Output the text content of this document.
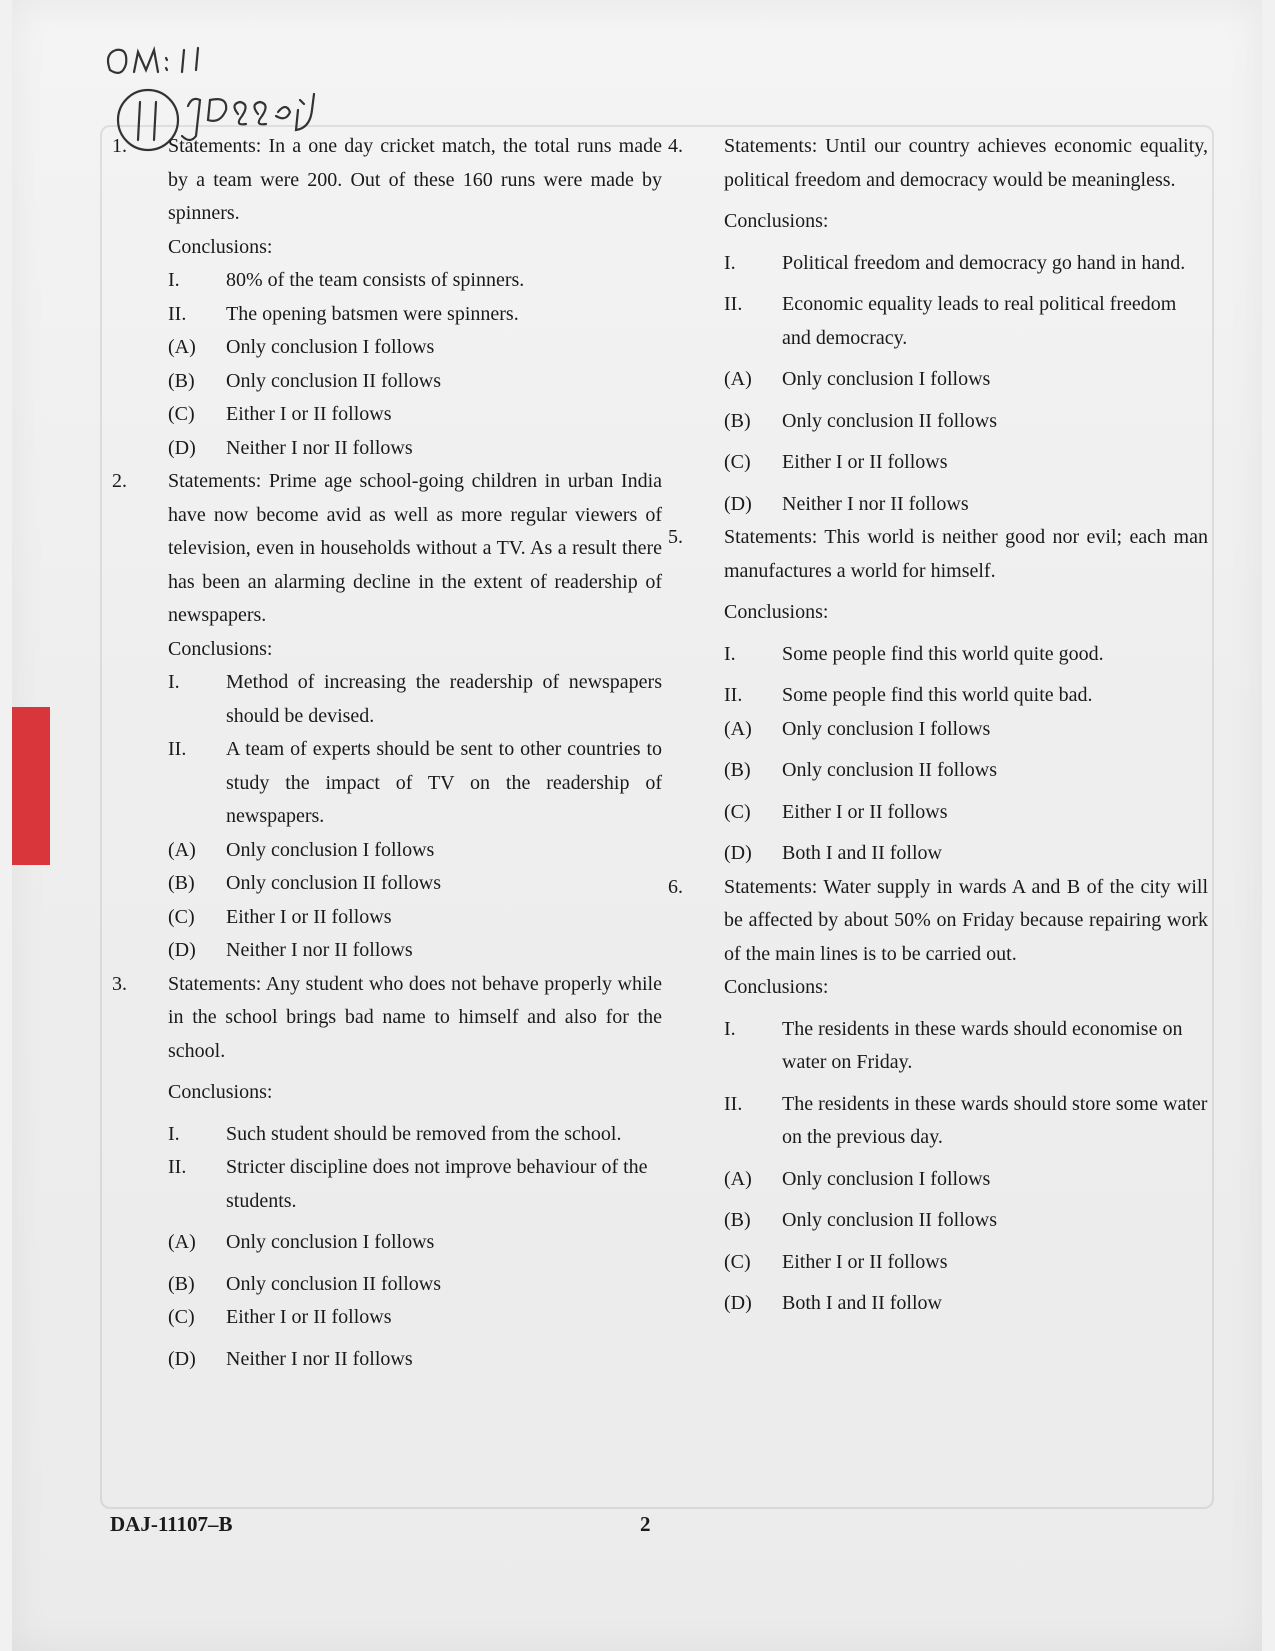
1. Statements: In a one day cricket match, the total runs made by a team were 200. Out of these 160 runs were made by spinners.
Conclusions:
I.	80% of the team consists of spinners.
II.	The opening batsmen were spinners.
(A)	Only conclusion I follows
(B)	Only conclusion II follows
(C)	Either I or II follows
(D)	Neither I nor II follows
2. Statements: Prime age school-going children in urban India have now become avid as well as more regular viewers of television, even in households without a TV. As a result there has been an alarming decline in the extent of readership of newspapers.
Conclusions:
I.	Method of increasing the readership of newspapers should be devised.
II.	A team of experts should be sent to other countries to study the impact of TV on the readership of newspapers.
(A)	Only conclusion I follows
(B)	Only conclusion II follows
(C)	Either I or II follows
(D)	Neither I nor II follows
3. Statements: Any student who does not behave properly while in the school brings bad name to himself and also for the school.
Conclusions:
I.	Such student should be removed from the school.
II.	Stricter discipline does not improve behaviour of the students.
(A)	Only conclusion I follows
(B)	Only conclusion II follows
(C)	Either I or II follows
(D)	Neither I nor II follows
4. Statements: Until our country achieves economic equality, political freedom and democracy would be meaningless.
Conclusions:
I.	Political freedom and democracy go hand in hand.
II.	Economic equality leads to real political freedom and democracy.
(A)	Only conclusion I follows
(B)	Only conclusion II follows
(C)	Either I or II follows
(D)	Neither I nor II follows
5. Statements: This world is neither good nor evil; each man manufactures a world for himself.
Conclusions:
I.	Some people find this world quite good.
II.	Some people find this world quite bad.
(A)	Only conclusion I follows
(B)	Only conclusion II follows
(C)	Either I or II follows
(D)	Both I and II follow
6. Statements: Water supply in wards A and B of the city will be affected by about 50% on Friday because repairing work of the main lines is to be carried out.
Conclusions:
I.	The residents in these wards should economise on water on Friday.
II.	The residents in these wards should store some water on the previous day.
(A)	Only conclusion I follows
(B)	Only conclusion II follows
(C)	Either I or II follows
(D)	Both I and II follow
DAJ-11107–B	2
